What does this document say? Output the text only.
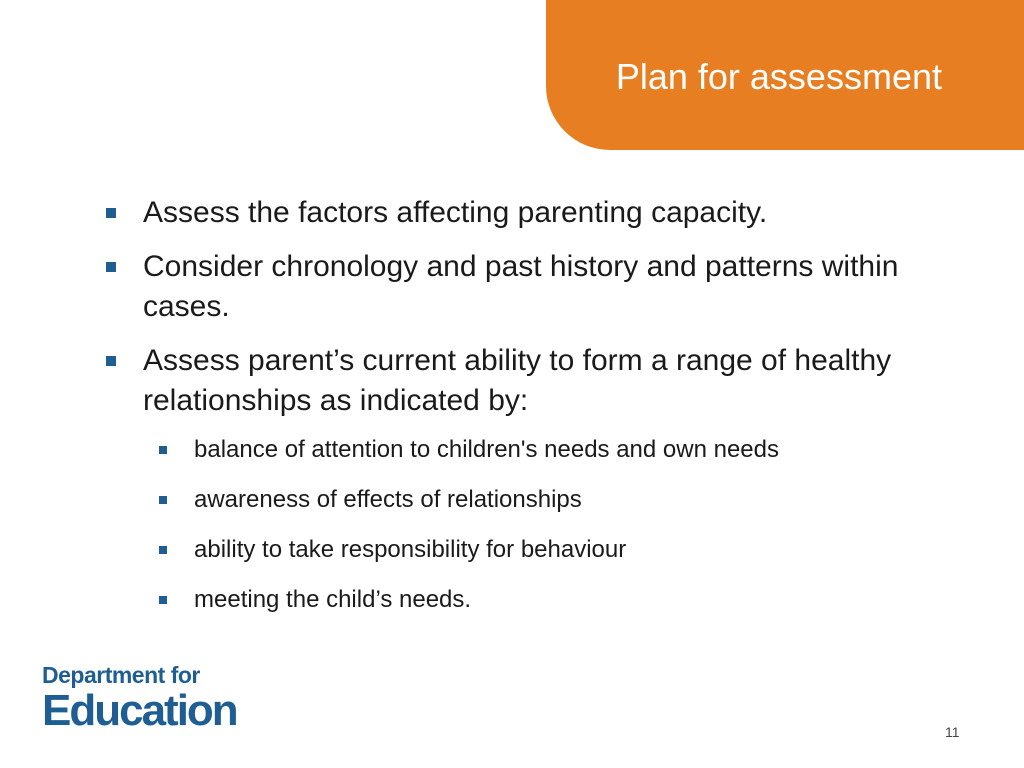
Plan for assessment
Assess the factors affecting parenting capacity.
Consider chronology and past history and patterns within cases.
Assess parent’s current ability to form a range of healthy relationships as indicated by:
balance of attention to children's needs and own needs
awareness of effects of relationships
ability to take responsibility for behaviour
meeting the child’s needs.
Department for
Education	11
